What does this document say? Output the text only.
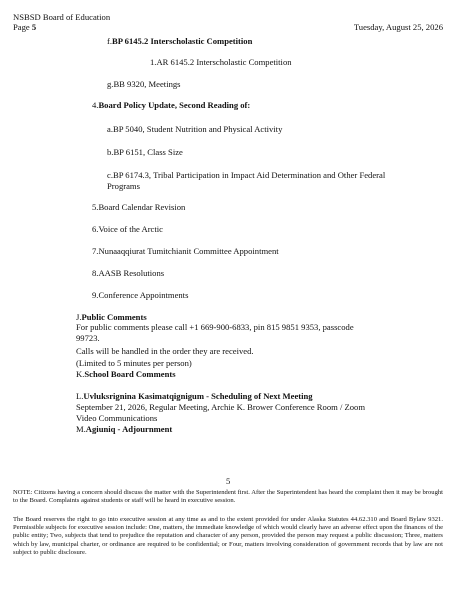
NSBSD Board of Education
Page 5	Tuesday, August 25, 2026
f.BP 6145.2 Interscholastic Competition
1.AR 6145.2 Interscholastic Competition
g.BB 9320, Meetings
4.Board Policy Update, Second Reading of:
a.BP 5040, Student Nutrition and Physical Activity
b.BP 6151, Class Size
c.BP 6174.3, Tribal Participation in Impact Aid Determination and Other Federal Programs
5.Board Calendar Revision
6.Voice of the Arctic
7.Nunaaqqiurat Tumitchianit Committee Appointment
8.AASB Resolutions
9.Conference Appointments
J.Public Comments
For public comments please call +1 669-900-6833, pin 815 9851 9353, passcode 99723.
Calls will be handled in the order they are received.
(Limited to 5 minutes per person)
K.School Board Comments
L.Uvluksrignina Kasimatqignigum - Scheduling of Next Meeting
September 21, 2026, Regular Meeting, Archie K. Brower Conference Room / Zoom Video Communications
M.Agiuniq - Adjournment
5
NOTE: Citizens having a concern should discuss the matter with the Superintendent first. After the Superintendent has heard the complaint then it may be brought to the Board. Complaints against students or staff will be heard in executive session.
The Board reserves the right to go into executive session at any time as and to the extent provided for under Alaska Statutes 44.62.310 and Board Bylaw 9321. Permissible subjects for executive session include: One, matters, the immediate knowledge of which would clearly have an adverse effect upon the finances of the public entity; Two, subjects that tend to prejudice the reputation and character of any person, provided the person may request a public discussion; Three, matters which by law, municipal charter, or ordinance are required to be confidential; or Four, matters involving consideration of government records that by law are not subject to public disclosure.
